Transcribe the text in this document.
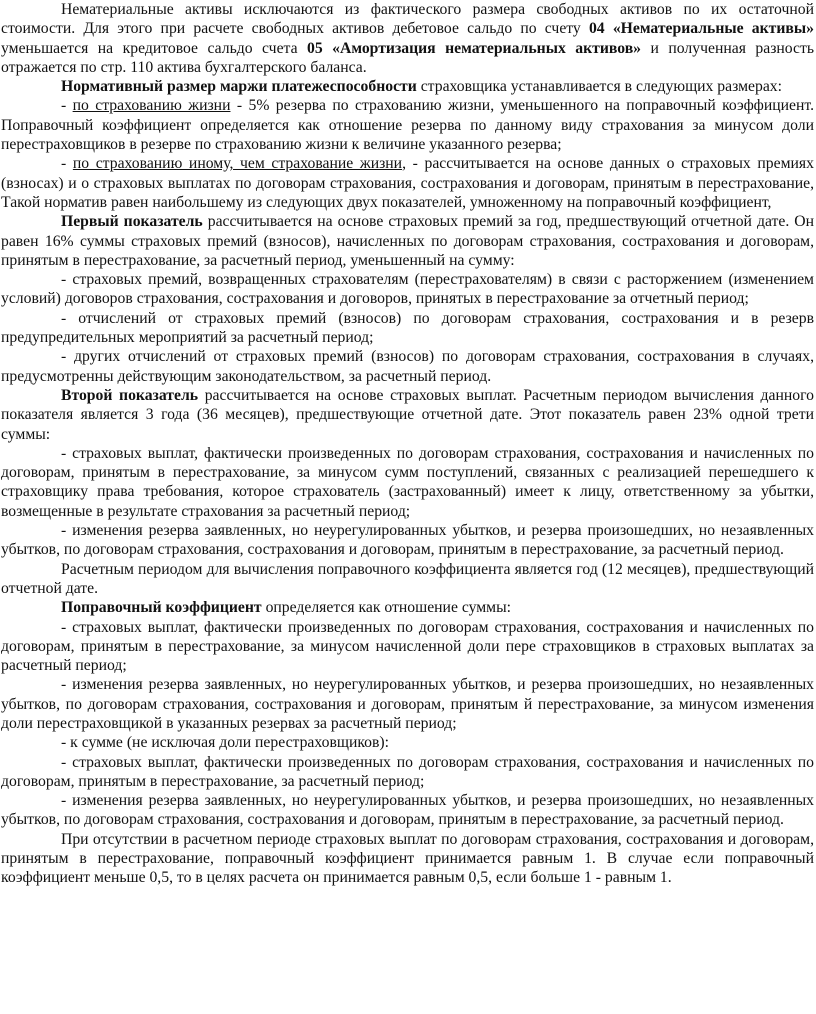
Нематериальные активы исключаются из фактического размера свободных активов по их остаточной стоимости. Для этого при расчете свободных активов дебетовое сальдо по счету 04 «Нематериальные активы» уменьшается на кредитовое сальдо счета 05 «Амортизация нематериальных активов» и полученная разность отражается по стр. 110 актива бухгалтерского баланса.

Нормативный размер маржи платежеспособности страховщика устанавливается в следующих размерах:

- по страхованию жизни - 5% резерва по страхованию жизни, уменьшенного на поправочный коэффициент. Поправочный коэффициент определяется как отношение резерва по данному виду страхования за минусом доли перестраховщиков в резерве по страхованию жизни к величине указанного резерва;

- по страхованию иному, чем страхование жизни, - рассчитывается на основе данных о страховых премиях (взносах) и о страховых выплатах по договорам страхования, сострахования и договорам, принятым в перестрахование, Такой норматив равен наибольшему из следующих двух показателей, умноженному на поправочный коэффициент,

Первый показатель рассчитывается на основе страховых премий за год, предшествующий отчетной дате. Он равен 16% суммы страховых премий (взносов), начисленных по договорам страхования, сострахования и договорам, принятым в перестрахование, за расчетный период, уменьшенный на сумму:

- страховых премий, возвращенных страхователям (перестрахователям) в связи с расторжением (изменением условий) договоров страхования, сострахования и договоров, принятых в перестрахование за отчетный период;

- отчислений от страховых премий (взносов) по договорам страхования, сострахования и в резерв предупредительных мероприятий за расчетный период;

- других отчислений от страховых премий (взносов) по договорам страхования, сострахования в случаях, предусмотренны действующим законодательством, за расчетный период.

Второй показатель рассчитывается на основе страховых выплат. Расчетным периодом вычисления данного показателя является 3 года (36 месяцев), предшествующие отчетной дате. Этот показатель равен 23% одной трети суммы:

- страховых выплат, фактически произведенных по договорам страхования, сострахования и начисленных по договорам, принятым в перестрахование, за минусом сумм поступлений, связанных с реализацией перешедшего к страховщику права требования, которое страхователь (застрахованный) имеет к лицу, ответственному за убытки, возмещенные в результате страхования за расчетный период;

- изменения резерва заявленных, но неурегулированных убытков, и резерва произошедших, но незаявленных убытков, по договорам страхования, сострахования и договорам, принятым в перестрахование, за расчетный период.

Расчетным периодом для вычисления поправочного коэффициента является год (12 месяцев), предшествующий отчетной дате.

Поправочный коэффициент определяется как отношение суммы:

- страховых выплат, фактически произведенных по договорам страхования, сострахования и начисленных по договорам, принятым в перестрахование, за минусом начисленной доли пере страховщиков в страховых выплатах за расчетный период;

- изменения резерва заявленных, но неурегулированных убытков, и резерва произошедших, но незаявленных убытков, по договорам страхования, сострахования и договорам, принятым й перестрахование, за минусом изменения доли перестраховщикой в указанных резервах за расчетный период;

- к сумме (не исключая доли перестраховщиков):

- страховых выплат, фактически произведенных по договорам страхования, сострахования и начисленных по договорам, принятым в перестрахование, за расчетный период;

- изменения резерва заявленных, но неурегулированных убытков, и резерва произошедших, но незаявленных убытков, по договорам страхования, сострахования и договорам, принятым в перестрахование, за расчетный период.

При отсутствии в расчетном периоде страховых выплат по договорам страхования, сострахования и договорам, принятым в перестрахование, поправочный коэффициент принимается равным 1. В случае если поправочный коэффициент меньше 0,5, то в целях расчета он принимается равным 0,5, если больше 1 - равным 1.
